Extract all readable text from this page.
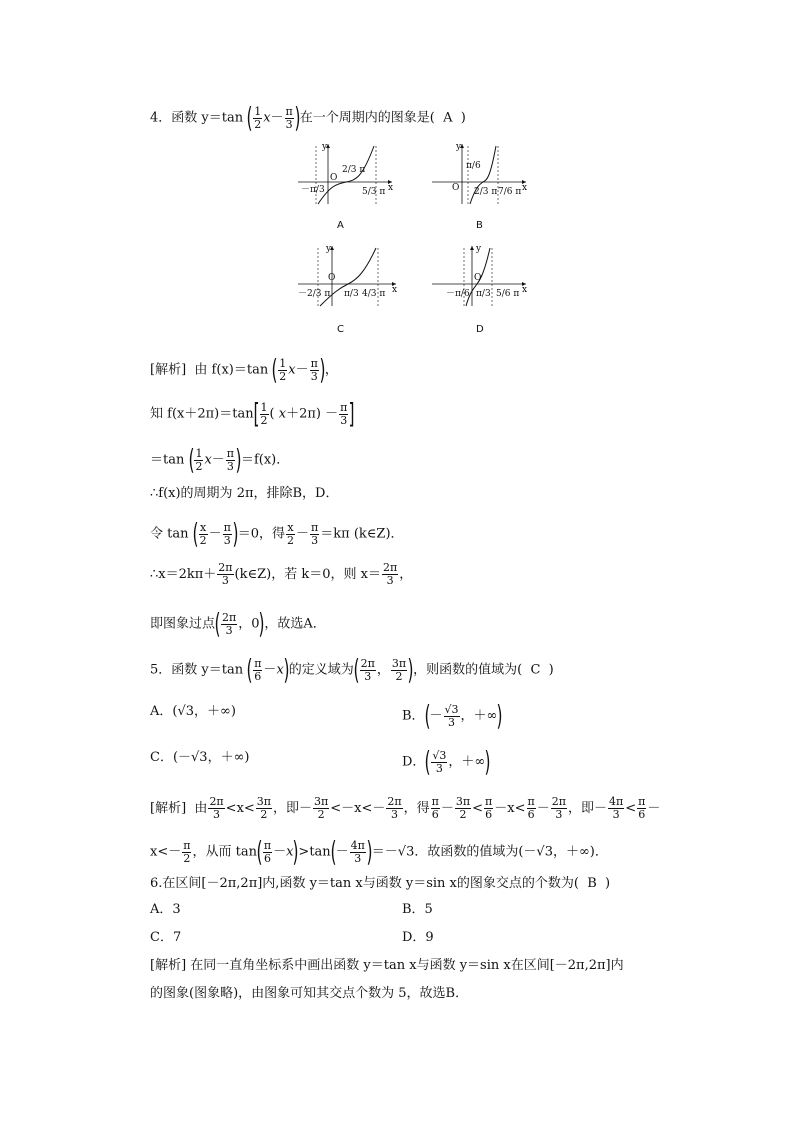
4．函数 y＝tan ( $\frac{1}{2} x- \frac{\pi}{3}$ )在一个周期内的图象是( A )
y
x
O
－π/3
2/3 π
5/3 π
A
y
x
O
π/6
2/3 π 7/6 π
B
y
x
O
－2/3 π π/3 4/3 π
C
y
x
O
－π/6 π/3 5/6 π
D
[解析] 由 f(x)＝tan ( $\frac{1}{2} x- \frac{\pi}{3}$ )，
知 $f(x+2\pi)=\tan[ \frac{1}{2}$ ( $x+2\pi) - \frac{\pi}{3}$ ]
＝tan ( $\frac{1}{2} x- \frac{\pi}{3} )=f(x)$．
∴f(x)的周期为 2π，排除B，D．
令 tan ( $\frac{x}{2} - \frac{\pi}{3} )=0$，得 $\frac{x}{2} - \frac{\pi}{3} =k\pi$ (k∈Z)．
∴x＝2kπ＋ $\frac{2\pi}{3}$ (k∈Z)，若 k＝0，则 $x= \frac{2\pi}{3}$ ，
即图象过点( $\frac{2\pi}{3}$ ，0)，故选A．
5．函数 y＝tan ( $\frac{\pi}{6} -x$)的定义域为( $\frac{2\pi}{3}$ ， $\frac{3\pi}{2}$ )，则函数的值域为( C )
A．(√3，＋∞)	B．(－ $\frac{√3}{3}$ ，＋∞)
C．(－√3，＋∞)	D．( $\frac{√3}{3}$ ，＋∞)
[解析] 由 $\frac{2\pi}{3} <x< \frac{3\pi}{2}$ ，即－ $\frac{3\pi}{2} <-x<- \frac{2\pi}{3}$ ，得 $\frac{\pi}{6} - \frac{3\pi}{2} < \frac{\pi}{6} -x< \frac{\pi}{6} - \frac{2\pi}{3}$ ，即－ $\frac{4\pi}{3} < \frac{\pi}{6}$ －
$x<- \frac{\pi}{2}$ ，从而 $\tan( \frac{\pi}{6} -x)>\tan(- \frac{4\pi}{3} )=-√3$．故函数的值域为(－√3，＋∞)．
6.在区间[－2π,2π]内,函数 y＝tan x与函数 y＝sin x的图象交点的个数为( B )
A．3	B．5
C．7	D．9
[解析] 在同一直角坐标系中画出函数 y＝tan x与函数 y＝sin x在区间[－2π,2π]内
的图象(图象略)，由图象可知其交点个数为 5，故选B．
